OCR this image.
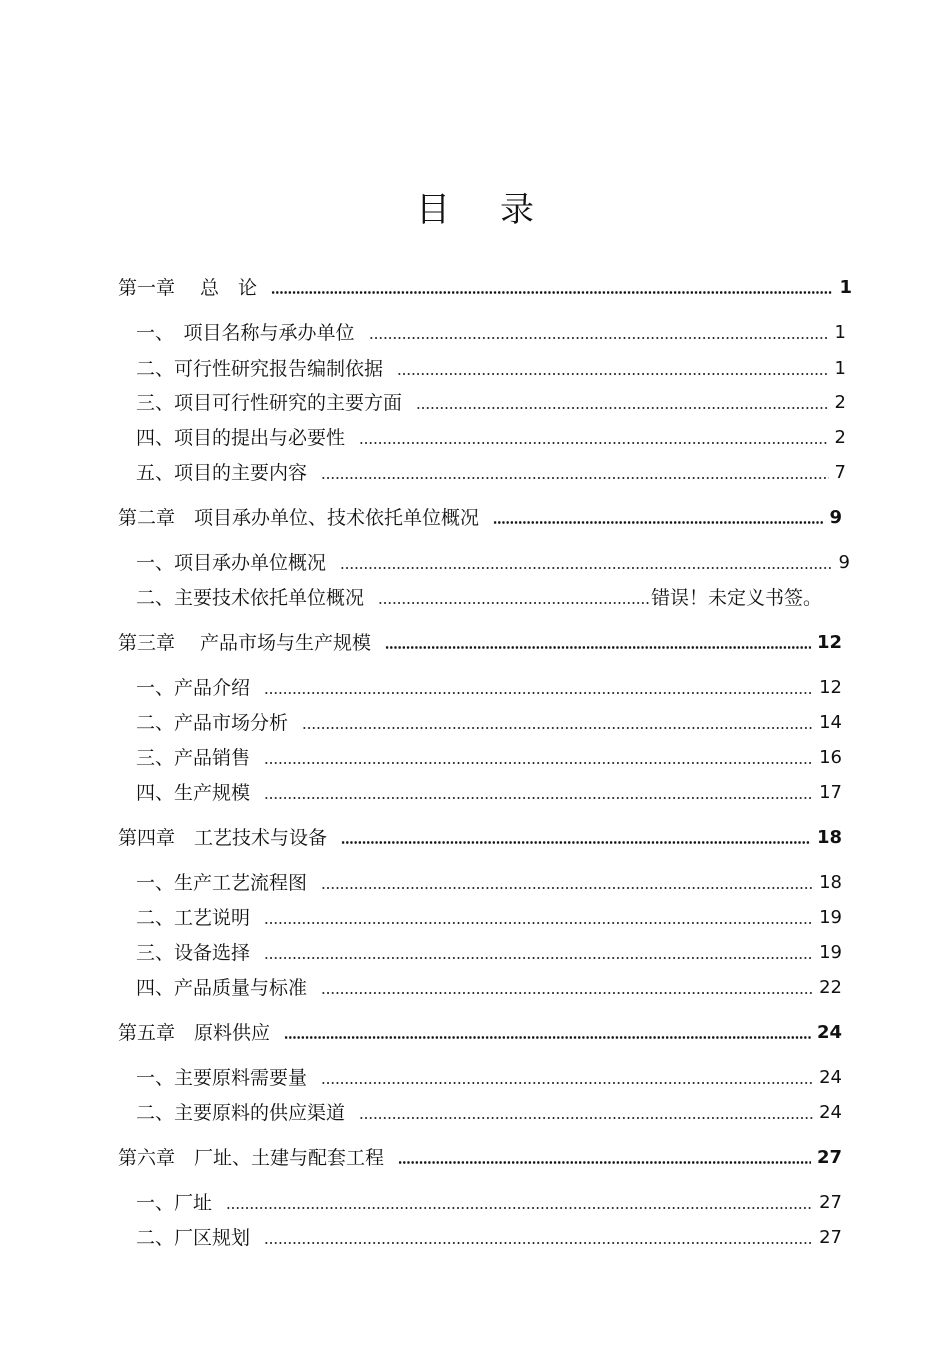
目 录
第一章　 总　论	1
一、　项目名称与承办单位	1
二、可行性研究报告编制依据	1
三、项目可行性研究的主要方面	2
四、项目的提出与必要性	2
五、项目的主要内容	7
第二章　项目承办单位、技术依托单位概况	9
一、项目承办单位概况	9
二、主要技术依托单位概况	错误！未定义书签。
第三章　 产品市场与生产规模	12
一、产品介绍	12
二、产品市场分析	14
三、产品销售	16
四、生产规模	17
第四章　工艺技术与设备	18
一、生产工艺流程图	18
二、工艺说明	19
三、设备选择	19
四、产品质量与标准	22
第五章　原料供应	24
一、主要原料需要量	24
二、主要原料的供应渠道	24
第六章　厂址、土建与配套工程	27
一、厂址	27
二、厂区规划	27
